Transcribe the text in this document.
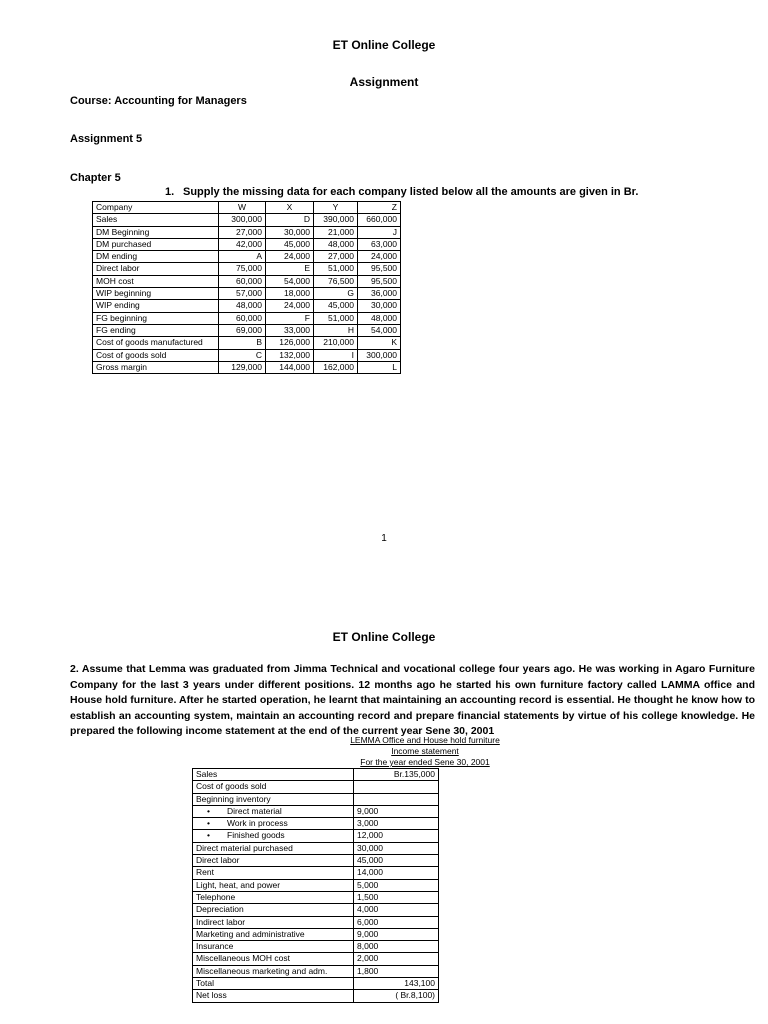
ET Online College
Assignment
Course: Accounting for Managers
Assignment 5
Chapter 5
1. Supply the missing data for each company listed below all the amounts are given in Br.
Company	W	X	Y	Z
Sales	300,000	D	390,000	660,000
DM Beginning	27,000	30,000	21,000	J
DM purchased	42,000	45,000	48,000	63,000
DM ending	A	24,000	27,000	24,000
Direct labor	75,000	E	51,000	95,500
MOH cost	60,000	54,000	76,500	95,500
WIP beginning	57,000	18,000	G	36,000
WIP ending	48,000	24,000	45,000	30,000
FG beginning	60,000	F	51,000	48,000
FG ending	69,000	33,000	H	54,000
Cost of goods manufactured	B	126,000	210,000	K
Cost of goods sold	C	132,000	I	300,000
Gross margin	129,000	144,000	162,000	L
1
ET Online College
2. Assume that Lemma was graduated from Jimma Technical and vocational college four years ago. He was working in Agaro Furniture Company for the last 3 years under different positions. 12 months ago he started his own furniture factory called LAMMA office and House hold furniture. After he started operation, he learnt that maintaining an accounting record is essential. He thought he know how to establish an accounting system, maintain an accounting record and prepare financial statements by virtue of his college knowledge. He prepared the following income statement at the end of the current year Sene 30, 2001
LEMMA Office and House hold furniture
Income statement
For the year ended Sene 30, 2001
Sales	Br.135,000
Cost of goods sold	
Beginning inventory	
• Direct material	9,000
• Work in process	3,000
• Finished goods	12,000
Direct material purchased	30,000
Direct labor	45,000
Rent	14,000
Light, heat, and power	5,000
Telephone	1,500
Depreciation	4,000
Indirect labor	6,000
Marketing and administrative	9,000
Insurance	8,000
Miscellaneous MOH cost	2,000
Miscellaneous marketing and adm.	1,800
Total	143,100
Net loss	( Br.8,100)
